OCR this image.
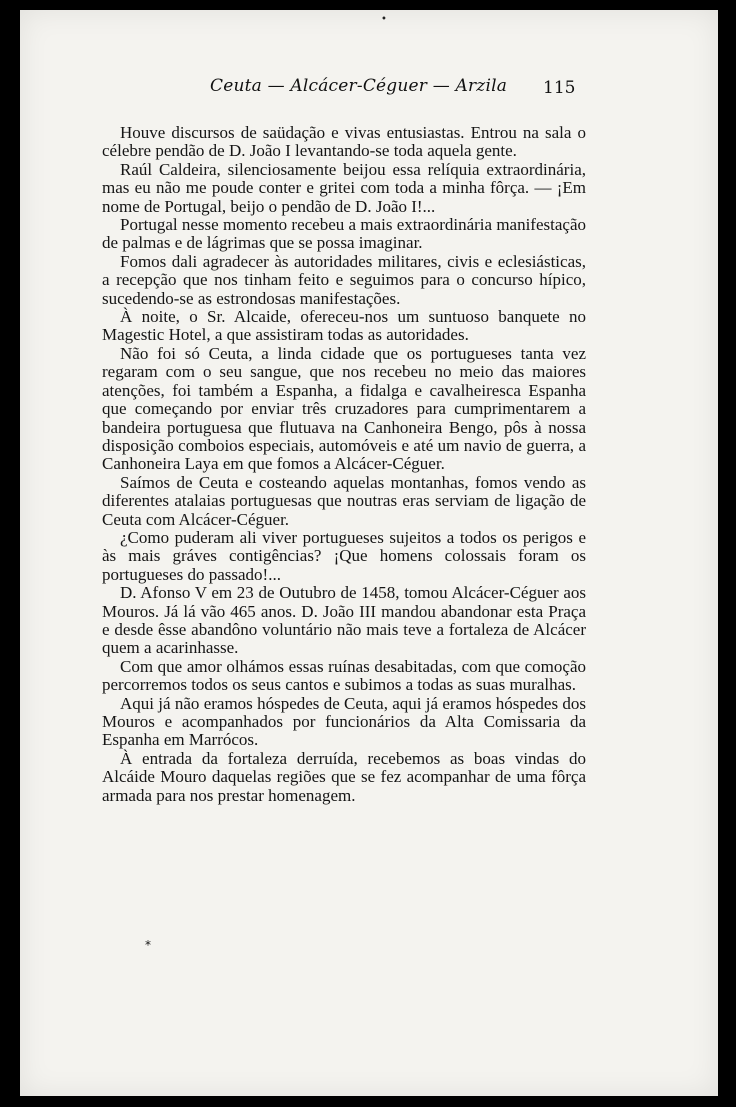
•
Ceuta — Alcácer-Céguer — Arzila 115

Houve discursos de saüdação e vivas entusiastas. Entrou na sala o célebre pendão de D. João I levantando-se toda aquela gente.

Raúl Caldeira, silenciosamente beijou essa relíquia extraordinária, mas eu não me poude conter e gritei com toda a minha fôrça. — ¡Em nome de Portugal, beijo o pendão de D. João I!...

Portugal nesse momento recebeu a mais extraordinária manifestação de palmas e de lágrimas que se possa imaginar.

Fomos dali agradecer às autoridades militares, civis e eclesiásticas, a recepção que nos tinham feito e seguimos para o concurso hípico, sucedendo-se as estrondosas manifestações.

À noite, o Sr. Alcaide, ofereceu-nos um suntuoso banquete no Magestic Hotel, a que assistiram todas as autoridades.

Não foi só Ceuta, a linda cidade que os portugueses tanta vez regaram com o seu sangue, que nos recebeu no meio das maiores atenções, foi também a Espanha, a fidalga e cavalheiresca Espanha que começando por enviar três cruzadores para cumprimentarem a bandeira portuguesa que flutuava na Canhoneira Bengo, pôs à nossa disposição comboios especiais, automóveis e até um navio de guerra, a Canhoneira Laya em que fomos a Alcácer-Céguer.

Saímos de Ceuta e costeando aquelas montanhas, fomos vendo as diferentes atalaias portuguesas que noutras eras serviam de ligação de Ceuta com Alcácer-Céguer.

¿Como puderam ali viver portugueses sujeitos a todos os perigos e às mais gráves contigências? ¡Que homens colossais foram os portugueses do passado!...

D. Afonso V em 23 de Outubro de 1458, tomou Alcácer-Céguer aos Mouros. Já lá vão 465 anos. D. João III mandou abandonar esta Praça e desde êsse abandôno voluntário não mais teve a fortaleza de Alcácer quem a acarinhasse.

Com que amor olhámos essas ruínas desabitadas, com que comoção percorremos todos os seus cantos e subimos a todas as suas muralhas.

Aqui já não eramos hóspedes de Ceuta, aqui já eramos hóspedes dos Mouros e acompanhados por funcionários da Alta Comissaria da Espanha em Marrócos.

À entrada da fortaleza derruída, recebemos as boas vindas do Alcáide Mouro daquelas regiões que se fez acompanhar de uma fôrça armada para nos prestar homenagem.

*
